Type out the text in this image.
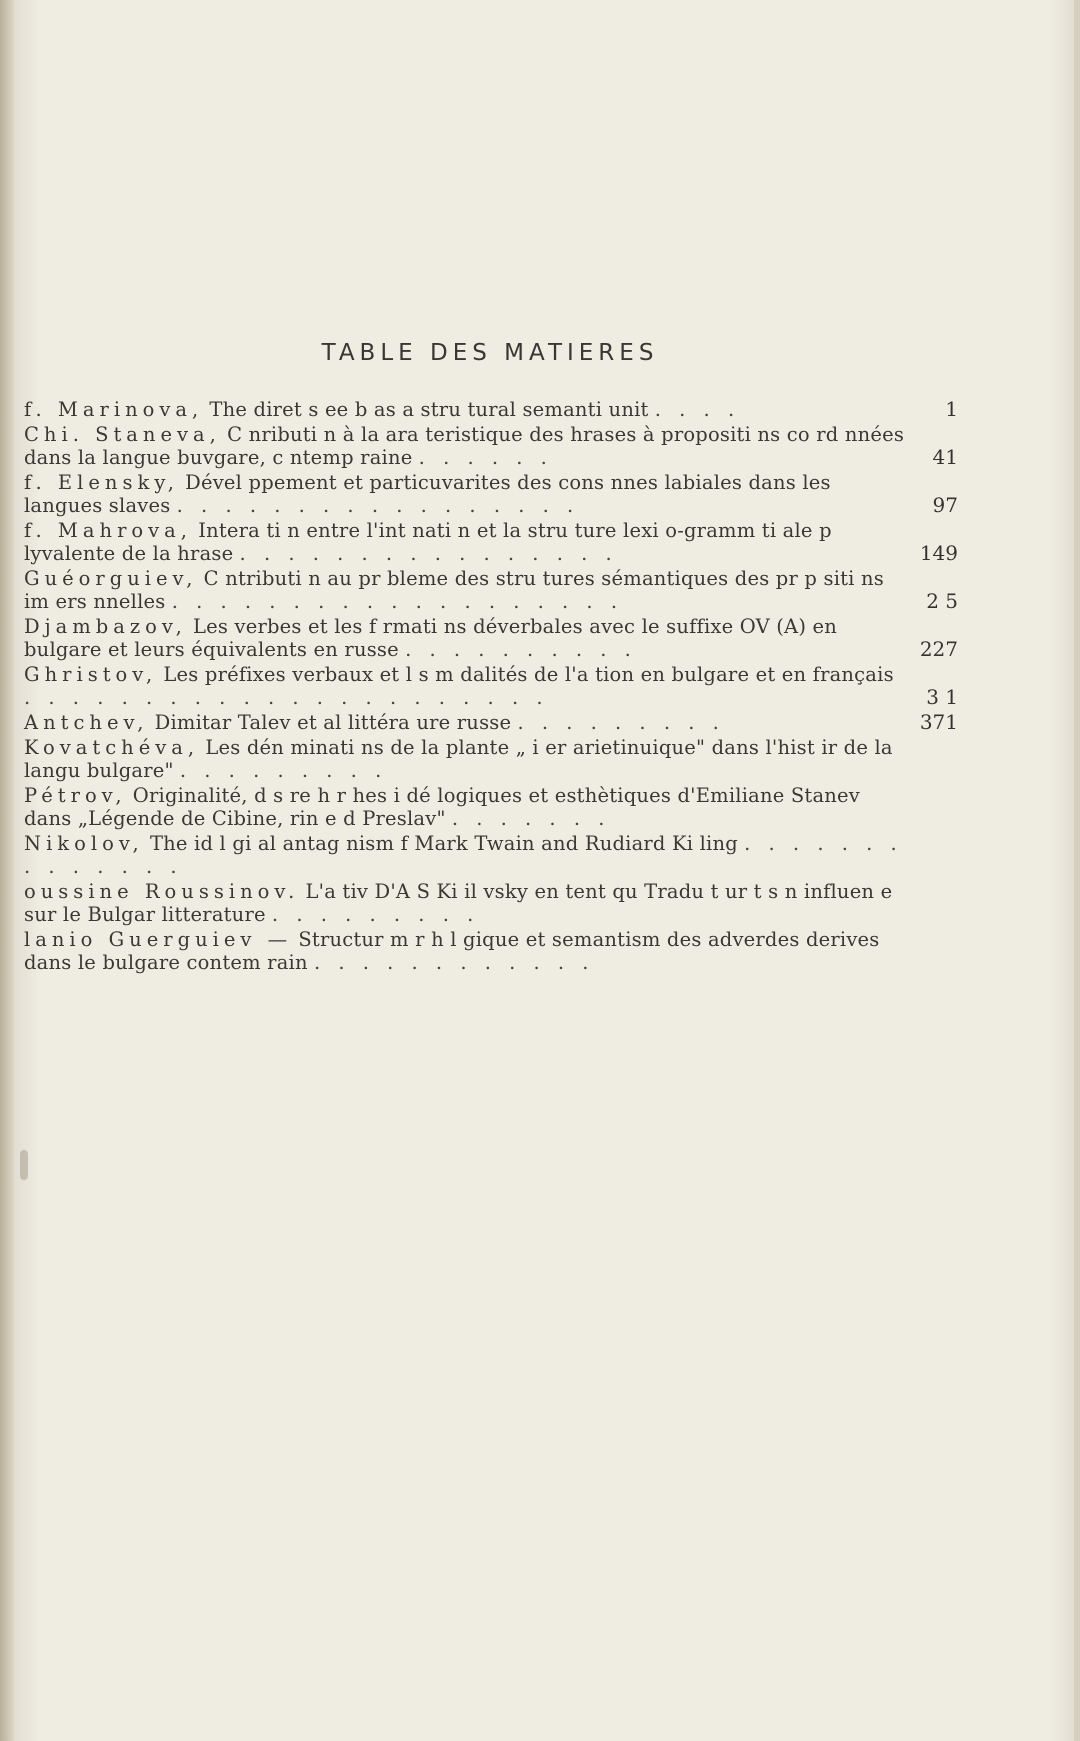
TABLE DES MATIERES
f. Marinova, The diret s ee b as a stru tural semanti unit . . . .	1
Chi. Staneva, C nributi n à la ara teristique des hrases à propositi ns co rd nnées dans la langue buvgare, c ntemp raine . . . . . .	41
f. Elensky, Dével ppement et particuvarites des cons nnes labiales dans les langues slaves . . . . . . . . . . . . . . . . .	97
f. Mahrova, Intera ti n entre l'int nati n et la stru ture lexi o-gramm ti ale p lyvalente de la hrase . . . . . . . . . . . . . . . .	149
Guéorguiev, C ntributi n au pr bleme des stru tures sémantiques des pr p siti ns im ers nnelles . . . . . . . . . . . . . . . . . . .	2 5
Djambazov, Les verbes et les f rmati ns déverbales avec le suffixe OV (A) en bulgare et leurs équivalents en russe . . . . . . . . . .	227
Ghristov, Les préfixes verbaux et l s m dalités de l'a tion en bulgare et en français . . . . . . . . . . . . . . . . . . . . . .	3 1
Antchev, Dimitar Talev et al littéra ure russe . . . . . . . . .	371
Kovatchéva, Les dén minati ns de la plante „ i er arietinuique" dans l'hist ir de la langu bulgare" . . . . . . . . .
Pétrov, Originalité, d s re h r hes i dé logiques et esthètiques d'Emiliane Stanev dans „Légende de Cibine, rin e d Preslav" . . . . . . .
Nikolov, The id l gi al antag nism f Mark Twain and Rudiard Ki ling . . . . . . . . . . . . . .
oussine Roussinov. L'a tiv D'A S Ki il vsky en tent qu Tradu t ur t s n influen e sur le Bulgar litterature . . . . . . . . .
lanio Guerguiev — Structur m r h l gique et semantism des adverdes derives dans le bulgare contem rain . . . . . . . . . . . .
